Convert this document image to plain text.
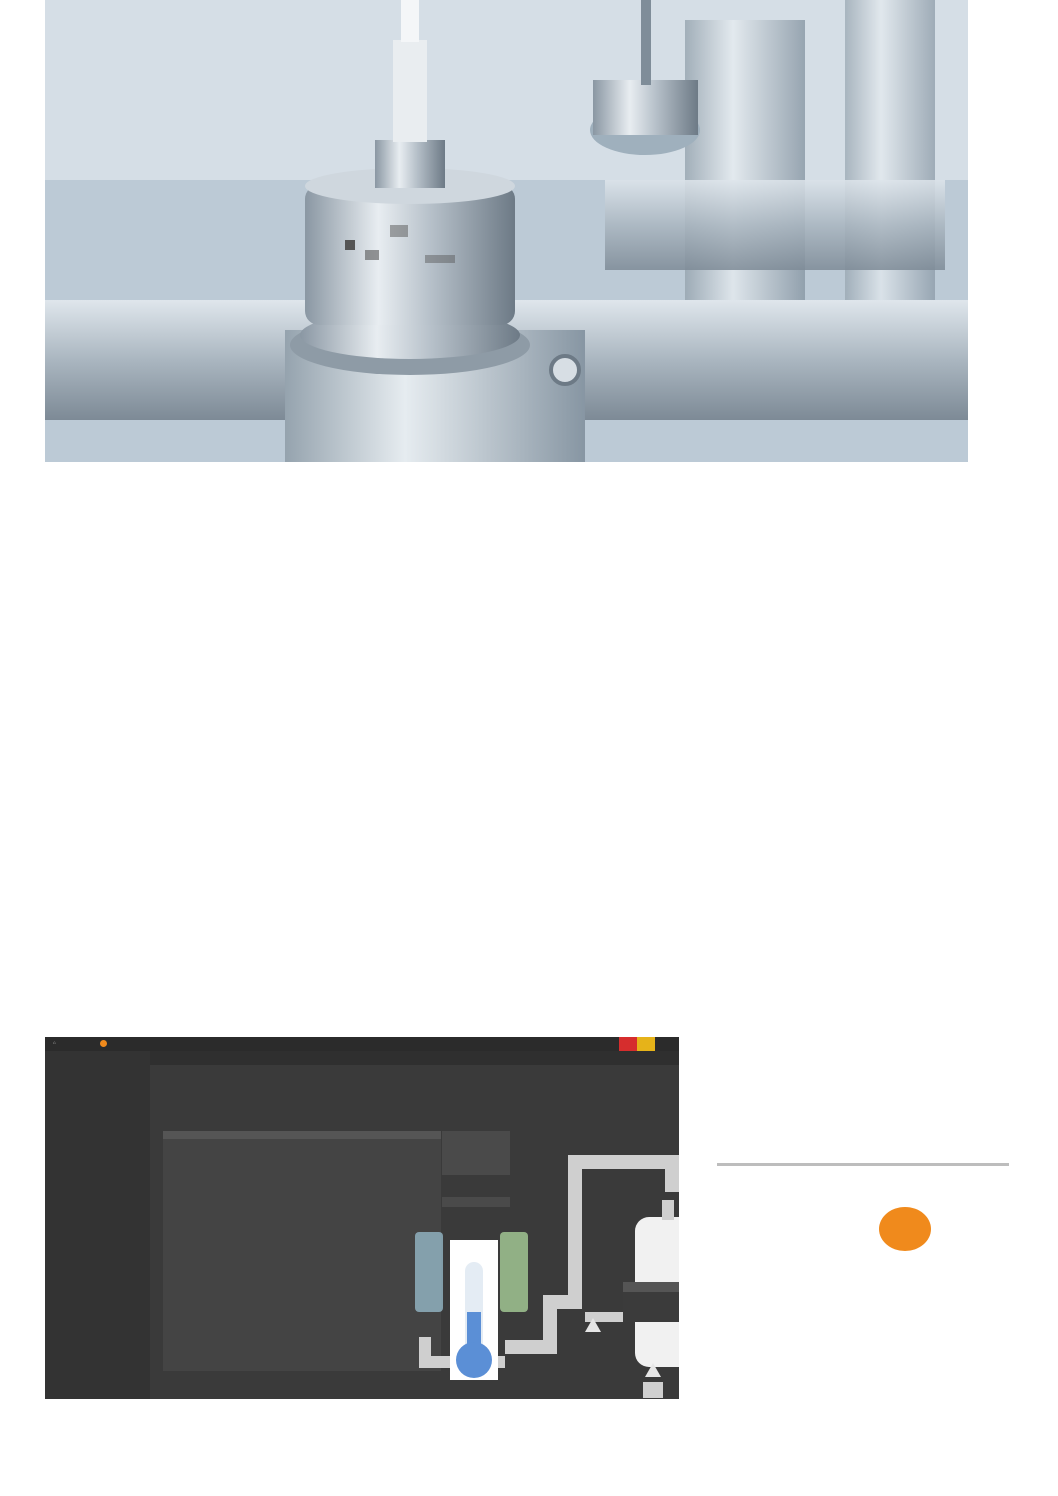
⌂
